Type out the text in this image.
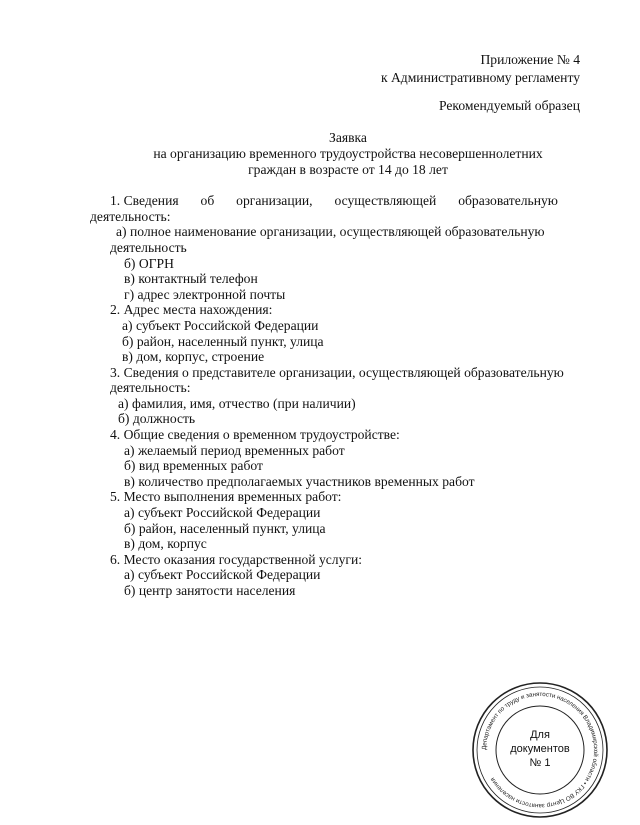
Приложение № 4
к Административному регламенту
Рекомендуемый образец
Заявка
на организацию временного трудоустройства несовершеннолетних
граждан в возрасте от 14 до 18 лет
1. Сведения об организации, осуществляющей образовательную
деятельность:
а) полное наименование организации, осуществляющей образовательную
деятельность
б) ОГРН
в) контактный телефон
г) адрес электронной почты
2. Адрес места нахождения:
а) субъект Российской Федерации
б) район, населенный пункт, улица
в) дом, корпус, строение
3. Сведения о представителе организации, осуществляющей образовательную
деятельность:
а) фамилия, имя, отчество (при наличии)
б) должность
4. Общие сведения о временном трудоустройстве:
а) желаемый период временных работ
б) вид временных работ
в) количество предполагаемых участников временных работ
5. Место выполнения временных работ:
а) субъект Российской Федерации
б) район, населенный пункт, улица
в) дом, корпус
6. Место оказания государственной услуги:
а) субъект Российской Федерации
б) центр занятости населения
Департамент по труду и занятости населения Владимирской области • ГКУ ВО Центр занятости населения
Для
документов
№ 1
